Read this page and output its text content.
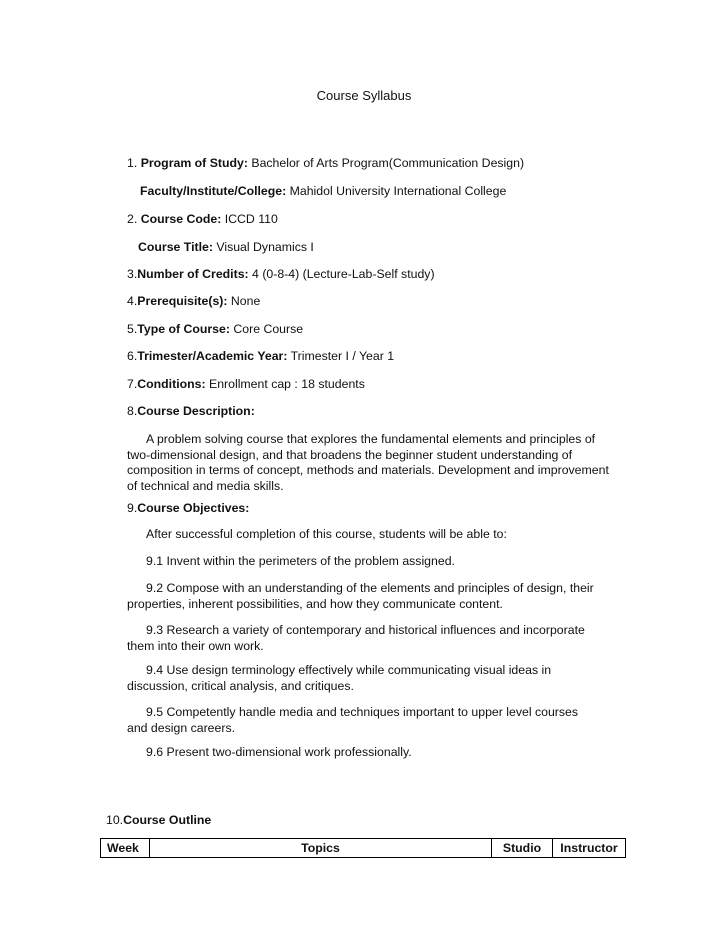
Course Syllabus
1. Program of Study: Bachelor of Arts Program(Communication Design)
Faculty/Institute/College: Mahidol University International College
2. Course Code: ICCD 110
Course Title: Visual Dynamics I
3.Number of Credits: 4 (0-8-4) (Lecture-Lab-Self study)
4.Prerequisite(s): None
5.Type of Course: Core Course
6.Trimester/Academic Year: Trimester I / Year 1
7.Conditions: Enrollment cap : 18 students
8.Course Description:
A problem solving course that explores the fundamental elements and principles of two-dimensional design, and that broadens the beginner student understanding of composition in terms of concept, methods and materials. Development and improvement of technical and media skills.
9.Course Objectives:
After successful completion of this course, students will be able to:
9.1 Invent within the perimeters of the problem assigned.
9.2 Compose with an understanding of the elements and principles of design, their properties, inherent possibilities, and how they communicate content.
9.3 Research a variety of contemporary and historical influences and incorporate them into their own work.
9.4 Use design terminology effectively while communicating visual ideas in discussion, critical analysis, and critiques.
9.5 Competently handle media and techniques important to upper level courses and design careers.
9.6 Present two-dimensional work professionally.
10.Course Outline
Week	Topics	Studio	Instructor
